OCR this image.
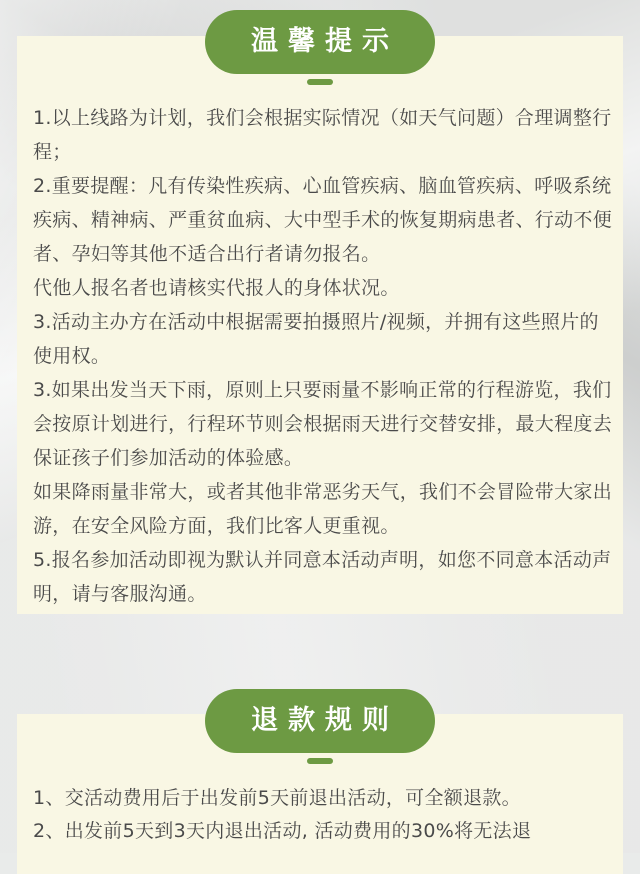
温馨提示

1.以上线路为计划，我们会根据实际情况（如天气问题）合理调整行程；

2.重要提醒：凡有传染性疾病、心血管疾病、脑血管疾病、呼吸系统疾病、精神病、严重贫血病、大中型手术的恢复期病患者、行动不便者、孕妇等其他不适合出行者请勿报名。

代他人报名者也请核实代报人的身体状况。

3.活动主办方在活动中根据需要拍摄照片/视频，并拥有这些照片的使用权。

3.如果出发当天下雨，原则上只要雨量不影响正常的行程游览，我们会按原计划进行，行程环节则会根据雨天进行交替安排，最大程度去保证孩子们参加活动的体验感。

如果降雨量非常大，或者其他非常恶劣天气，我们不会冒险带大家出游，在安全风险方面，我们比客人更重视。

5.报名参加活动即视为默认并同意本活动声明，如您不同意本活动声明，请与客服沟通。

退款规则

1、交活动费用后于出发前5天前退出活动，可全额退款。

2、出发前5天到3天内退出活动, 活动费用的30%将无法退
